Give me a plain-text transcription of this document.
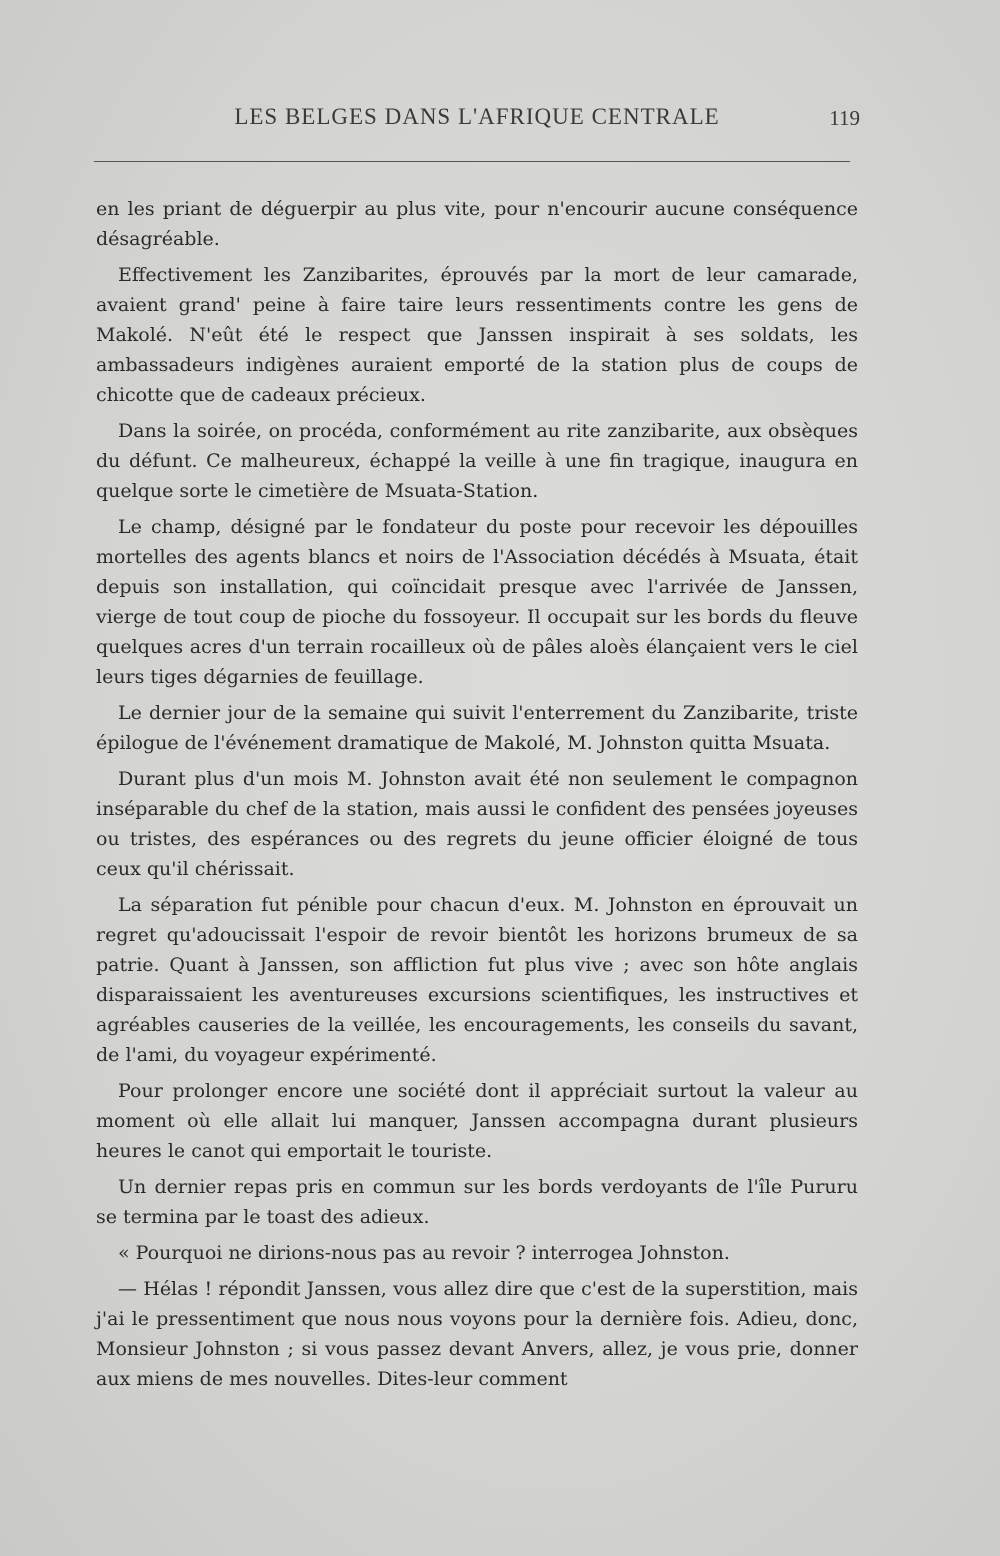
LES BELGES DANS L'AFRIQUE CENTRALE	119

en les priant de déguerpir au plus vite, pour n'encourir aucune conséquence désagréable.

Effectivement les Zanzibarites, éprouvés par la mort de leur camarade, avaient grand' peine à faire taire leurs ressentiments contre les gens de Makolé. N'eût été le respect que Janssen inspirait à ses soldats, les ambassadeurs indigènes auraient emporté de la station plus de coups de chicotte que de cadeaux précieux.

Dans la soirée, on procéda, conformément au rite zanzibarite, aux obsèques du défunt. Ce malheureux, échappé la veille à une fin tragique, inaugura en quelque sorte le cimetière de Msuata-Station.

Le champ, désigné par le fondateur du poste pour recevoir les dépouilles mortelles des agents blancs et noirs de l'Association décédés à Msuata, était depuis son installation, qui coïncidait presque avec l'arrivée de Janssen, vierge de tout coup de pioche du fossoyeur. Il occupait sur les bords du fleuve quelques acres d'un terrain rocailleux où de pâles aloès élançaient vers le ciel leurs tiges dégarnies de feuillage.

Le dernier jour de la semaine qui suivit l'enterrement du Zanzibarite, triste épilogue de l'événement dramatique de Makolé, M. Johnston quitta Msuata.

Durant plus d'un mois M. Johnston avait été non seulement le compagnon inséparable du chef de la station, mais aussi le confident des pensées joyeuses ou tristes, des espérances ou des regrets du jeune officier éloigné de tous ceux qu'il chérissait.

La séparation fut pénible pour chacun d'eux. M. Johnston en éprouvait un regret qu'adoucissait l'espoir de revoir bientôt les horizons brumeux de sa patrie. Quant à Janssen, son affliction fut plus vive ; avec son hôte anglais disparaissaient les aventureuses excursions scientifiques, les instructives et agréables causeries de la veillée, les encouragements, les conseils du savant, de l'ami, du voyageur expérimenté.

Pour prolonger encore une société dont il appréciait surtout la valeur au moment où elle allait lui manquer, Janssen accompagna durant plusieurs heures le canot qui emportait le touriste.

Un dernier repas pris en commun sur les bords verdoyants de l'île Pururu se termina par le toast des adieux.

« Pourquoi ne dirions-nous pas au revoir ? interrogea Johnston.

— Hélas ! répondit Janssen, vous allez dire que c'est de la superstition, mais j'ai le pressentiment que nous nous voyons pour la dernière fois. Adieu, donc, Monsieur Johnston ; si vous passez devant Anvers, allez, je vous prie, donner aux miens de mes nouvelles. Dites-leur comment
